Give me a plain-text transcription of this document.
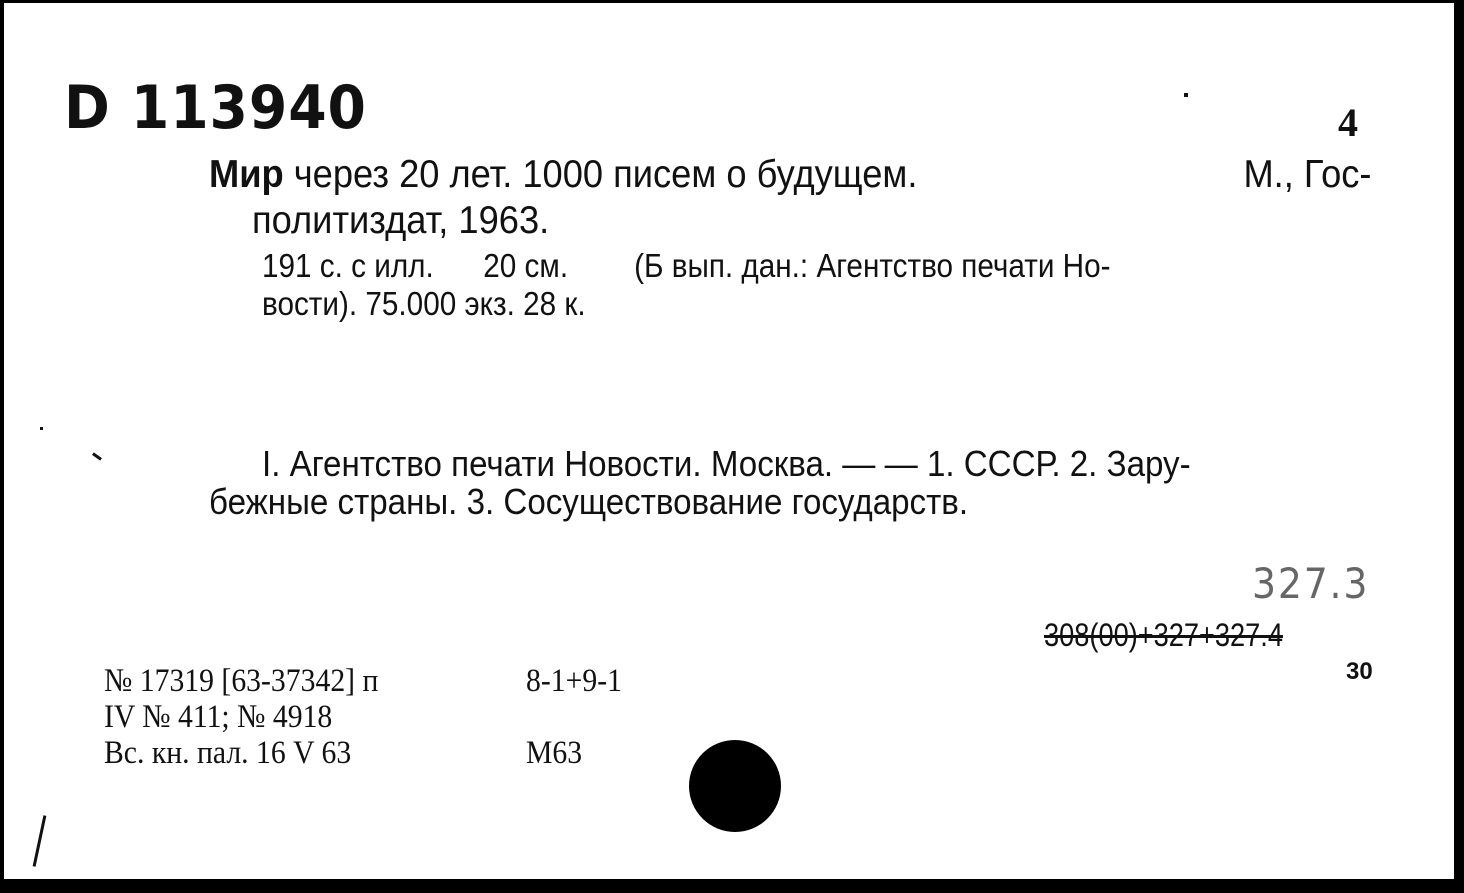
D 113940	4
Мир через 20 лет. 1000 писем о будущем.	М., Гос-
политиздат, 1963.
191 с. с илл.      20 см.        (Б вып. дан.: Агентство печати Но-
вости). 75.000 экз. 28 к.
I. Агентство печати Новости. Москва. — — 1. СССР. 2. Зару-
бежные страны. 3. Сосуществование государств.
327.3
308(00)+327+327.4
30
№ 17319 [63-37342] п
IV № 411; № 4918
Вс. кн. пал. 16 V 63
8-1+9-1
М63
